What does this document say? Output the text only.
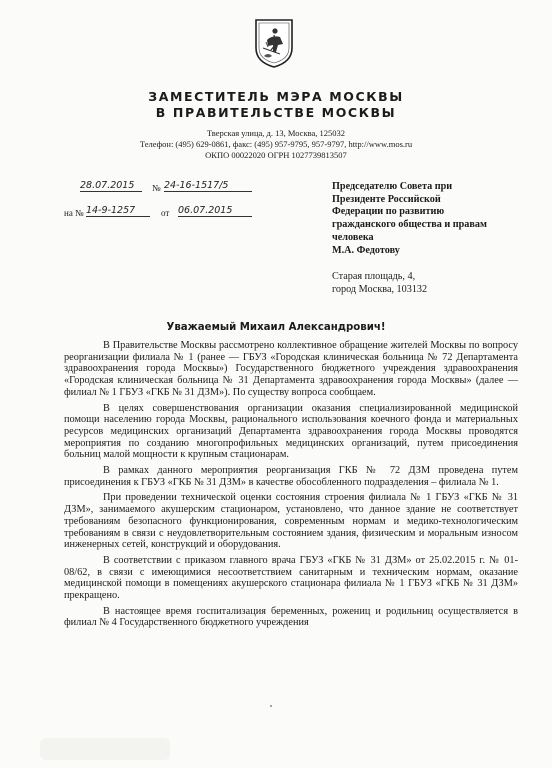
ЗАМЕСТИТЕЛЬ МЭРА МОСКВЫ
В ПРАВИТЕЛЬСТВЕ МОСКВЫ
Тверская улица, д. 13, Москва, 125032
Телефон: (495) 629-0861, факс: (495) 957-9795, 957-9797, http://www.mos.ru
ОКПО 00022020 ОГРН 1027739813507
28.07.2015	№ 24-16-1517/5
на № 14-9-1257	от 06.07.2015
Председателю Совета при
Президенте Российской
Федерации по развитию
гражданского общества и правам
человека
М.А. Федотову
Старая площадь, 4,
город Москва, 103132
Уважаемый Михаил Александрович!

В Правительстве Москвы рассмотрено коллективное обращение жителей Москвы по вопросу реорганизации филиала № 1 (ранее — ГБУЗ «Городская клиническая больница № 72 Департамента здравоохранения города Москвы») Государственного бюджетного учреждения здравоохранения «Городская клиническая больница № 31 Департамента здравоохранения города Москвы» (далее — филиал № 1 ГБУЗ «ГКБ № 31 ДЗМ»). По существу вопроса сообщаем.

В целях совершенствования организации оказания специализированной медицинской помощи населению города Москвы, рационального использования коечного фонда и материальных ресурсов медицинских организаций Департамента здравоохранения города Москвы проводятся мероприятия по созданию многопрофильных медицинских организаций, путем присоединения больниц малой мощности к крупным стационарам.

В рамках данного мероприятия реорганизация ГКБ № 72 ДЗМ проведена путем присоединения к ГБУЗ «ГКБ № 31 ДЗМ» в качестве обособленного подразделения – филиала № 1.

При проведении технической оценки состояния строения филиала № 1 ГБУЗ «ГКБ № 31 ДЗМ», занимаемого акушерским стационаром, установлено, что данное здание не соответствует требованиям безопасного функционирования, современным нормам и медико-технологическим требованиям в связи с неудовлетворительным состоянием здания, физическим и моральным износом инженерных сетей, конструкций и оборудования.

В соответствии с приказом главного врача ГБУЗ «ГКБ № 31 ДЗМ» от 25.02.2015 г. № 01-08/62, в связи с имеющимися несоответствием санитарным и техническим нормам, оказание медицинской помощи в помещениях акушерского стационара филиала № 1 ГБУЗ «ГКБ № 31 ДЗМ» прекращено.

В настоящее время госпитализация беременных, рожениц и родильниц осуществляется в филиал № 4 Государственного бюджетного учреждения
